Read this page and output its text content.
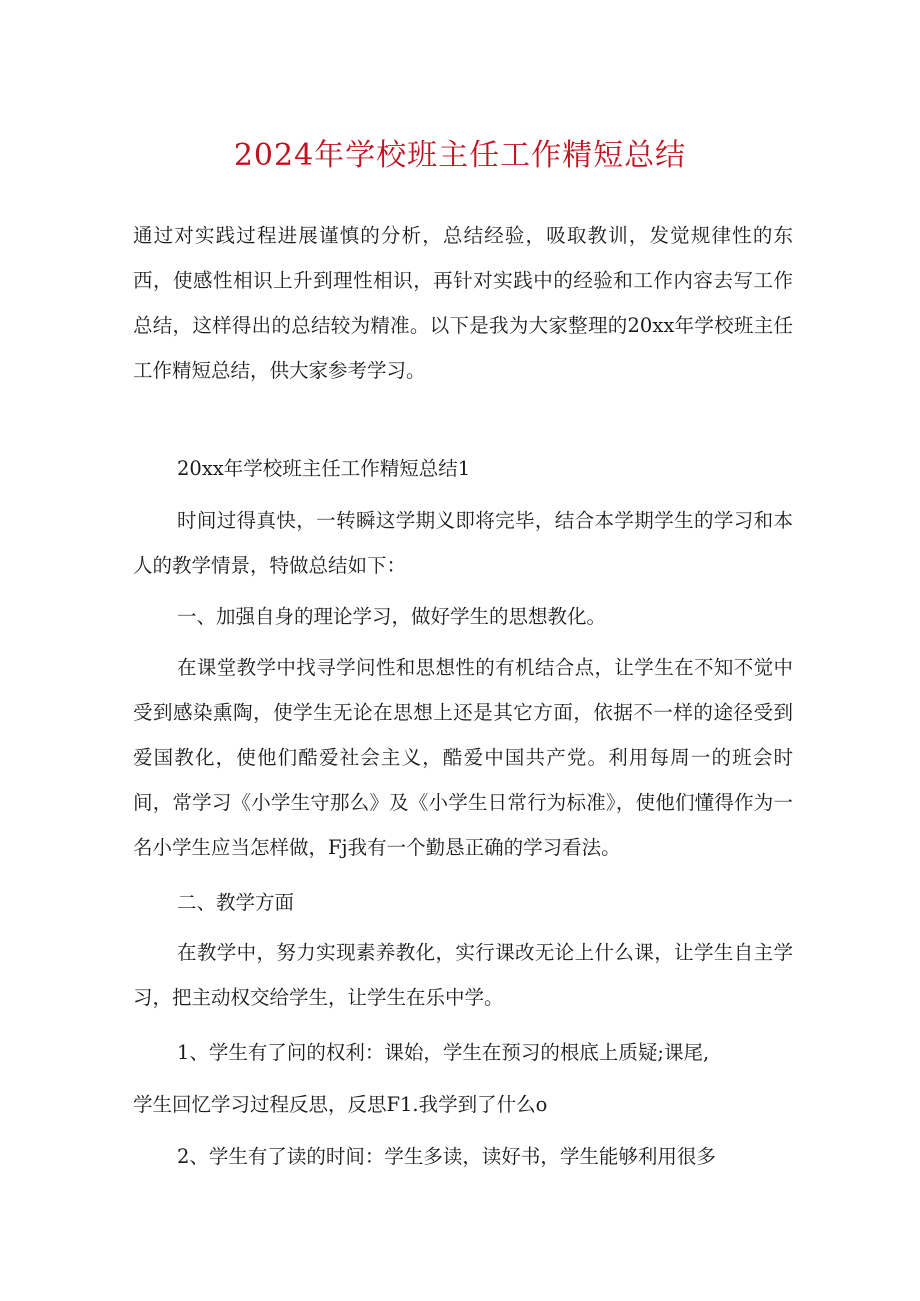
2024年学校班主任工作精短总结

通过对实践过程进展谨慎的分析，总结经验，吸取教训，发觉规律性的东西，使感性相识上升到理性相识，再针对实践中的经验和工作内容去写工作总结，这样得出的总结较为精准。以下是我为大家整理的20xx年学校班主任工作精短总结，供大家参考学习。

20xx年学校班主任工作精短总结1

时间过得真快，一转瞬这学期义即将完毕，结合本学期学生的学习和本人的教学情景，特做总结如下：

一、加强自身的理论学习，做好学生的思想教化。

在课堂教学中找寻学问性和思想性的有机结合点，让学生在不知不觉中受到感染熏陶，使学生无论在思想上还是其它方面，依据不一样的途径受到爱国教化，使他们酷爱社会主义，酷爱中国共产党。利用每周一的班会时间，常学习《小学生守那么》及《小学生日常行为标准》，使他们懂得作为一名小学生应当怎样做，Fj我有一个勤恳正确的学习看法。

二、教学方面

在教学中，努力实现素养教化，实行课改无论上什么课，让学生自主学习，把主动权交给学生，让学生在乐中学。

1、学生有了问的权利：课始，学生在预习的根底上质疑;课尾,

学生回忆学习过程反思，反思F1.我学到了什么o

2、学生有了读的时间：学生多读，读好书，学生能够利用很多
